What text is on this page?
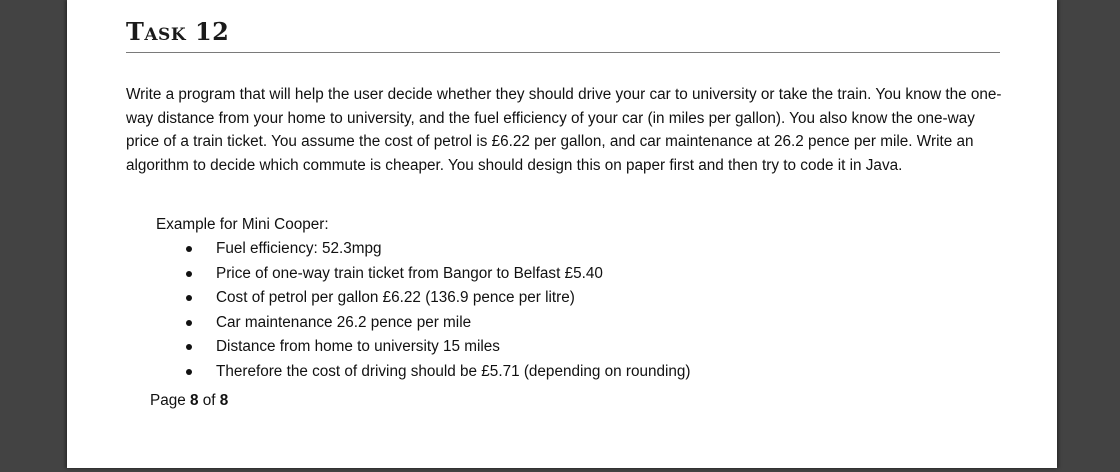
Task 12

Write a program that will help the user decide whether they should drive your car to university or take the train. You know the one-way distance from your home to university, and the fuel efficiency of your car (in miles per gallon). You also know the one-way price of a train ticket. You assume the cost of petrol is £6.22 per gallon, and car maintenance at 26.2 pence per mile. Write an algorithm to decide which commute is cheaper. You should design this on paper first and then try to code it in Java.

Example for Mini Cooper:
Fuel efficiency: 52.3mpg
Price of one-way train ticket from Bangor to Belfast £5.40
Cost of petrol per gallon £6.22 (136.9 pence per litre)
Car maintenance 26.2 pence per mile
Distance from home to university 15 miles
Therefore the cost of driving should be £5.71 (depending on rounding)
Page 8 of 8
